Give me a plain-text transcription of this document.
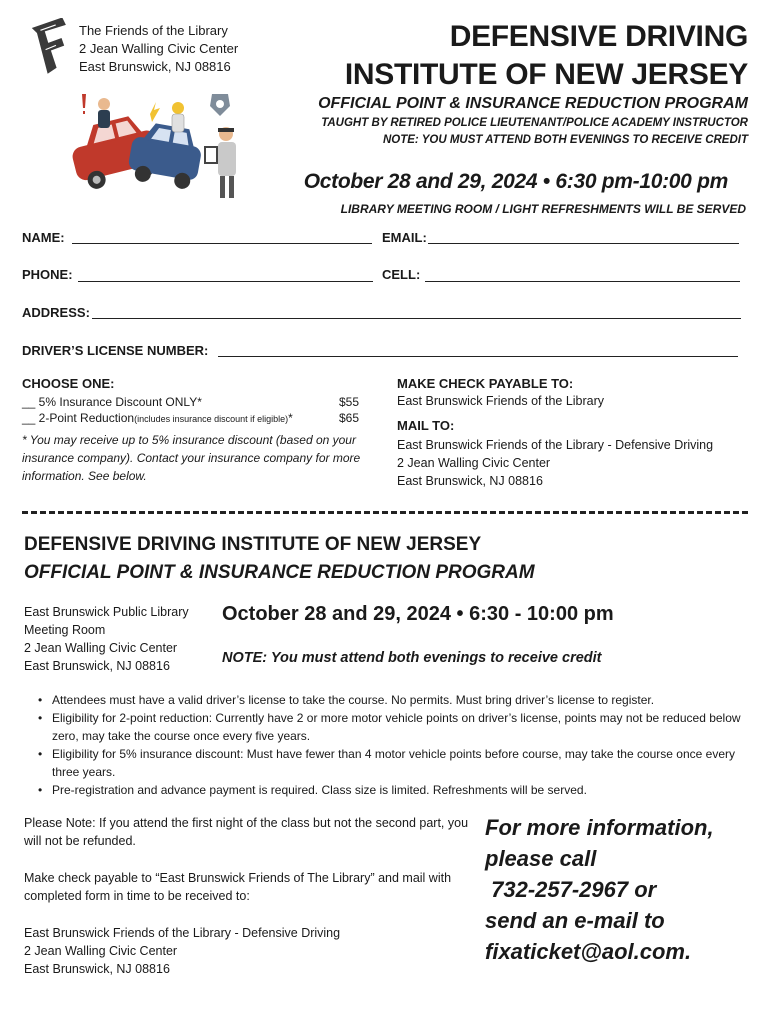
The Friends of the Library
2 Jean Walling Civic Center
East Brunswick, NJ 08816
DEFENSIVE DRIVING
INSTITUTE OF NEW JERSEY
OFFICIAL POINT & INSURANCE REDUCTION PROGRAM
TAUGHT BY RETIRED POLICE LIEUTENANT/POLICE ACADEMY INSTRUCTOR
NOTE: YOU MUST ATTEND BOTH EVENINGS TO RECEIVE CREDIT
October 28 and 29, 2024 • 6:30 pm-10:00 pm
LIBRARY MEETING ROOM / LIGHT REFRESHMENTS WILL BE SERVED
NAME:	EMAIL:
PHONE:	CELL:
ADDRESS:
DRIVER’S LICENSE NUMBER:
CHOOSE ONE:
__ 5% Insurance Discount ONLY*	$55
__ 2-Point Reduction(includes insurance discount if eligible)*	$65
* You may receive up to 5% insurance discount (based on your insurance company). Contact your insurance company for more information. See below.
MAKE CHECK PAYABLE TO:
East Brunswick Friends of the Library
MAIL TO:
East Brunswick Friends of the Library - Defensive Driving
2 Jean Walling Civic Center
East Brunswick, NJ 08816
DEFENSIVE DRIVING INSTITUTE OF NEW JERSEY
OFFICIAL POINT & INSURANCE REDUCTION PROGRAM
East Brunswick Public Library
Meeting Room
2 Jean Walling Civic Center
East Brunswick, NJ 08816
October 28 and 29, 2024 • 6:30 - 10:00 pm
NOTE: You must attend both evenings to receive credit
• Attendees must have a valid driver’s license to take the course. No permits. Must bring driver’s license to register.
• Eligibility for 2-point reduction: Currently have 2 or more motor vehicle points on driver’s license, points may not be reduced below zero, may take the course once every five years.
• Eligibility for 5% insurance discount: Must have fewer than 4 motor vehicle points before course, may take the course once every three years.
• Pre-registration and advance payment is required. Class size is limited. Refreshments will be served.
Please Note: If you attend the first night of the class but not the second part, you will not be refunded.
Make check payable to “East Brunswick Friends of The Library” and mail with completed form in time to be received to:
East Brunswick Friends of the Library - Defensive Driving
2 Jean Walling Civic Center
East Brunswick, NJ 08816
For more information,
please call
732-257-2967 or
send an e-mail to
fixaticket@aol.com.
